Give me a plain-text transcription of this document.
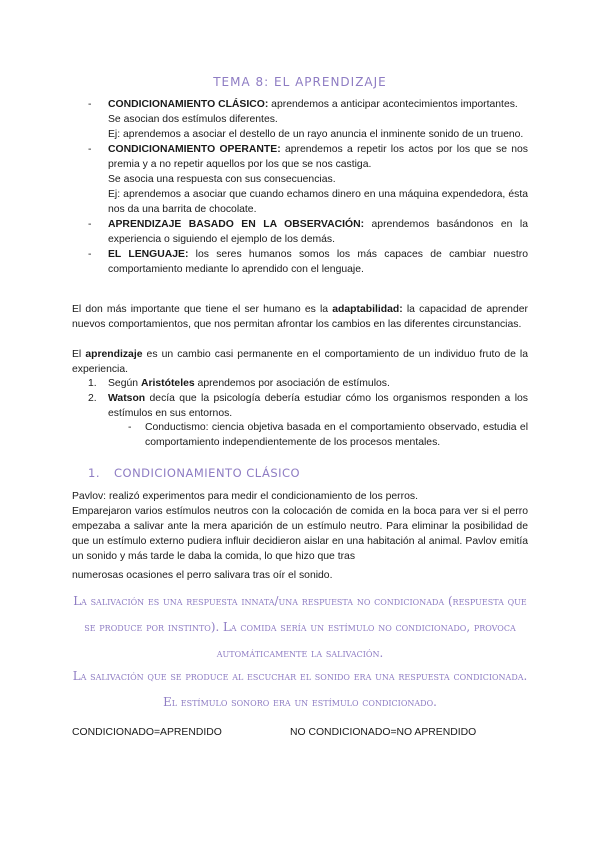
TEMA 8: EL APRENDIZAJE
- CONDICIONAMIENTO CLÁSICO: aprendemos a anticipar acontecimientos importantes.
Se asocian dos estímulos diferentes.
Ej: aprendemos a asociar el destello de un rayo anuncia el inminente sonido de un trueno.
- CONDICIONAMIENTO OPERANTE: aprendemos a repetir los actos por los que se nos premia y a no repetir aquellos por los que se nos castiga.
Se asocia una respuesta con sus consecuencias.
Ej: aprendemos a asociar que cuando echamos dinero en una máquina expendedora, ésta nos da una barrita de chocolate.
- APRENDIZAJE BASADO EN LA OBSERVACIÓN: aprendemos basándonos en la experiencia o siguiendo el ejemplo de los demás.
- EL LENGUAJE: los seres humanos somos los más capaces de cambiar nuestro comportamiento mediante lo aprendido con el lenguaje.
El don más importante que tiene el ser humano es la adaptabilidad: la capacidad de aprender nuevos comportamientos, que nos permitan afrontar los cambios en las diferentes circunstancias.
El aprendizaje es un cambio casi permanente en el comportamiento de un individuo fruto de la experiencia.
1. Según Aristóteles aprendemos por asociación de estímulos.
2. Watson decía que la psicología debería estudiar cómo los organismos responden a los estímulos en sus entornos.
- Conductismo: ciencia objetiva basada en el comportamiento observado, estudia el comportamiento independientemente de los procesos mentales.
1. CONDICIONAMIENTO CLÁSICO
Pavlov: realizó experimentos para medir el condicionamiento de los perros.
Emparejaron varios estímulos neutros con la colocación de comida en la boca para ver si el perro empezaba a salivar ante la mera aparición de un estímulo neutro. Para eliminar la posibilidad de que un estímulo externo pudiera influir decidieron aislar en una habitación al animal. Pavlov emitía un sonido y más tarde le daba la comida, lo que hizo que tras
numerosas ocasiones el perro salivara tras oír el sonido.
La salivación es una respuesta innata/una respuesta no condicionada (respuesta que se produce por instinto). La comida sería un estímulo no condicionado, provoca automáticamente la salivación.
La salivación que se produce al escuchar el sonido era una respuesta condicionada. El estímulo sonoro era un estímulo condicionado.
CONDICIONADO=APRENDIDO	NO CONDICIONADO=NO APRENDIDO
